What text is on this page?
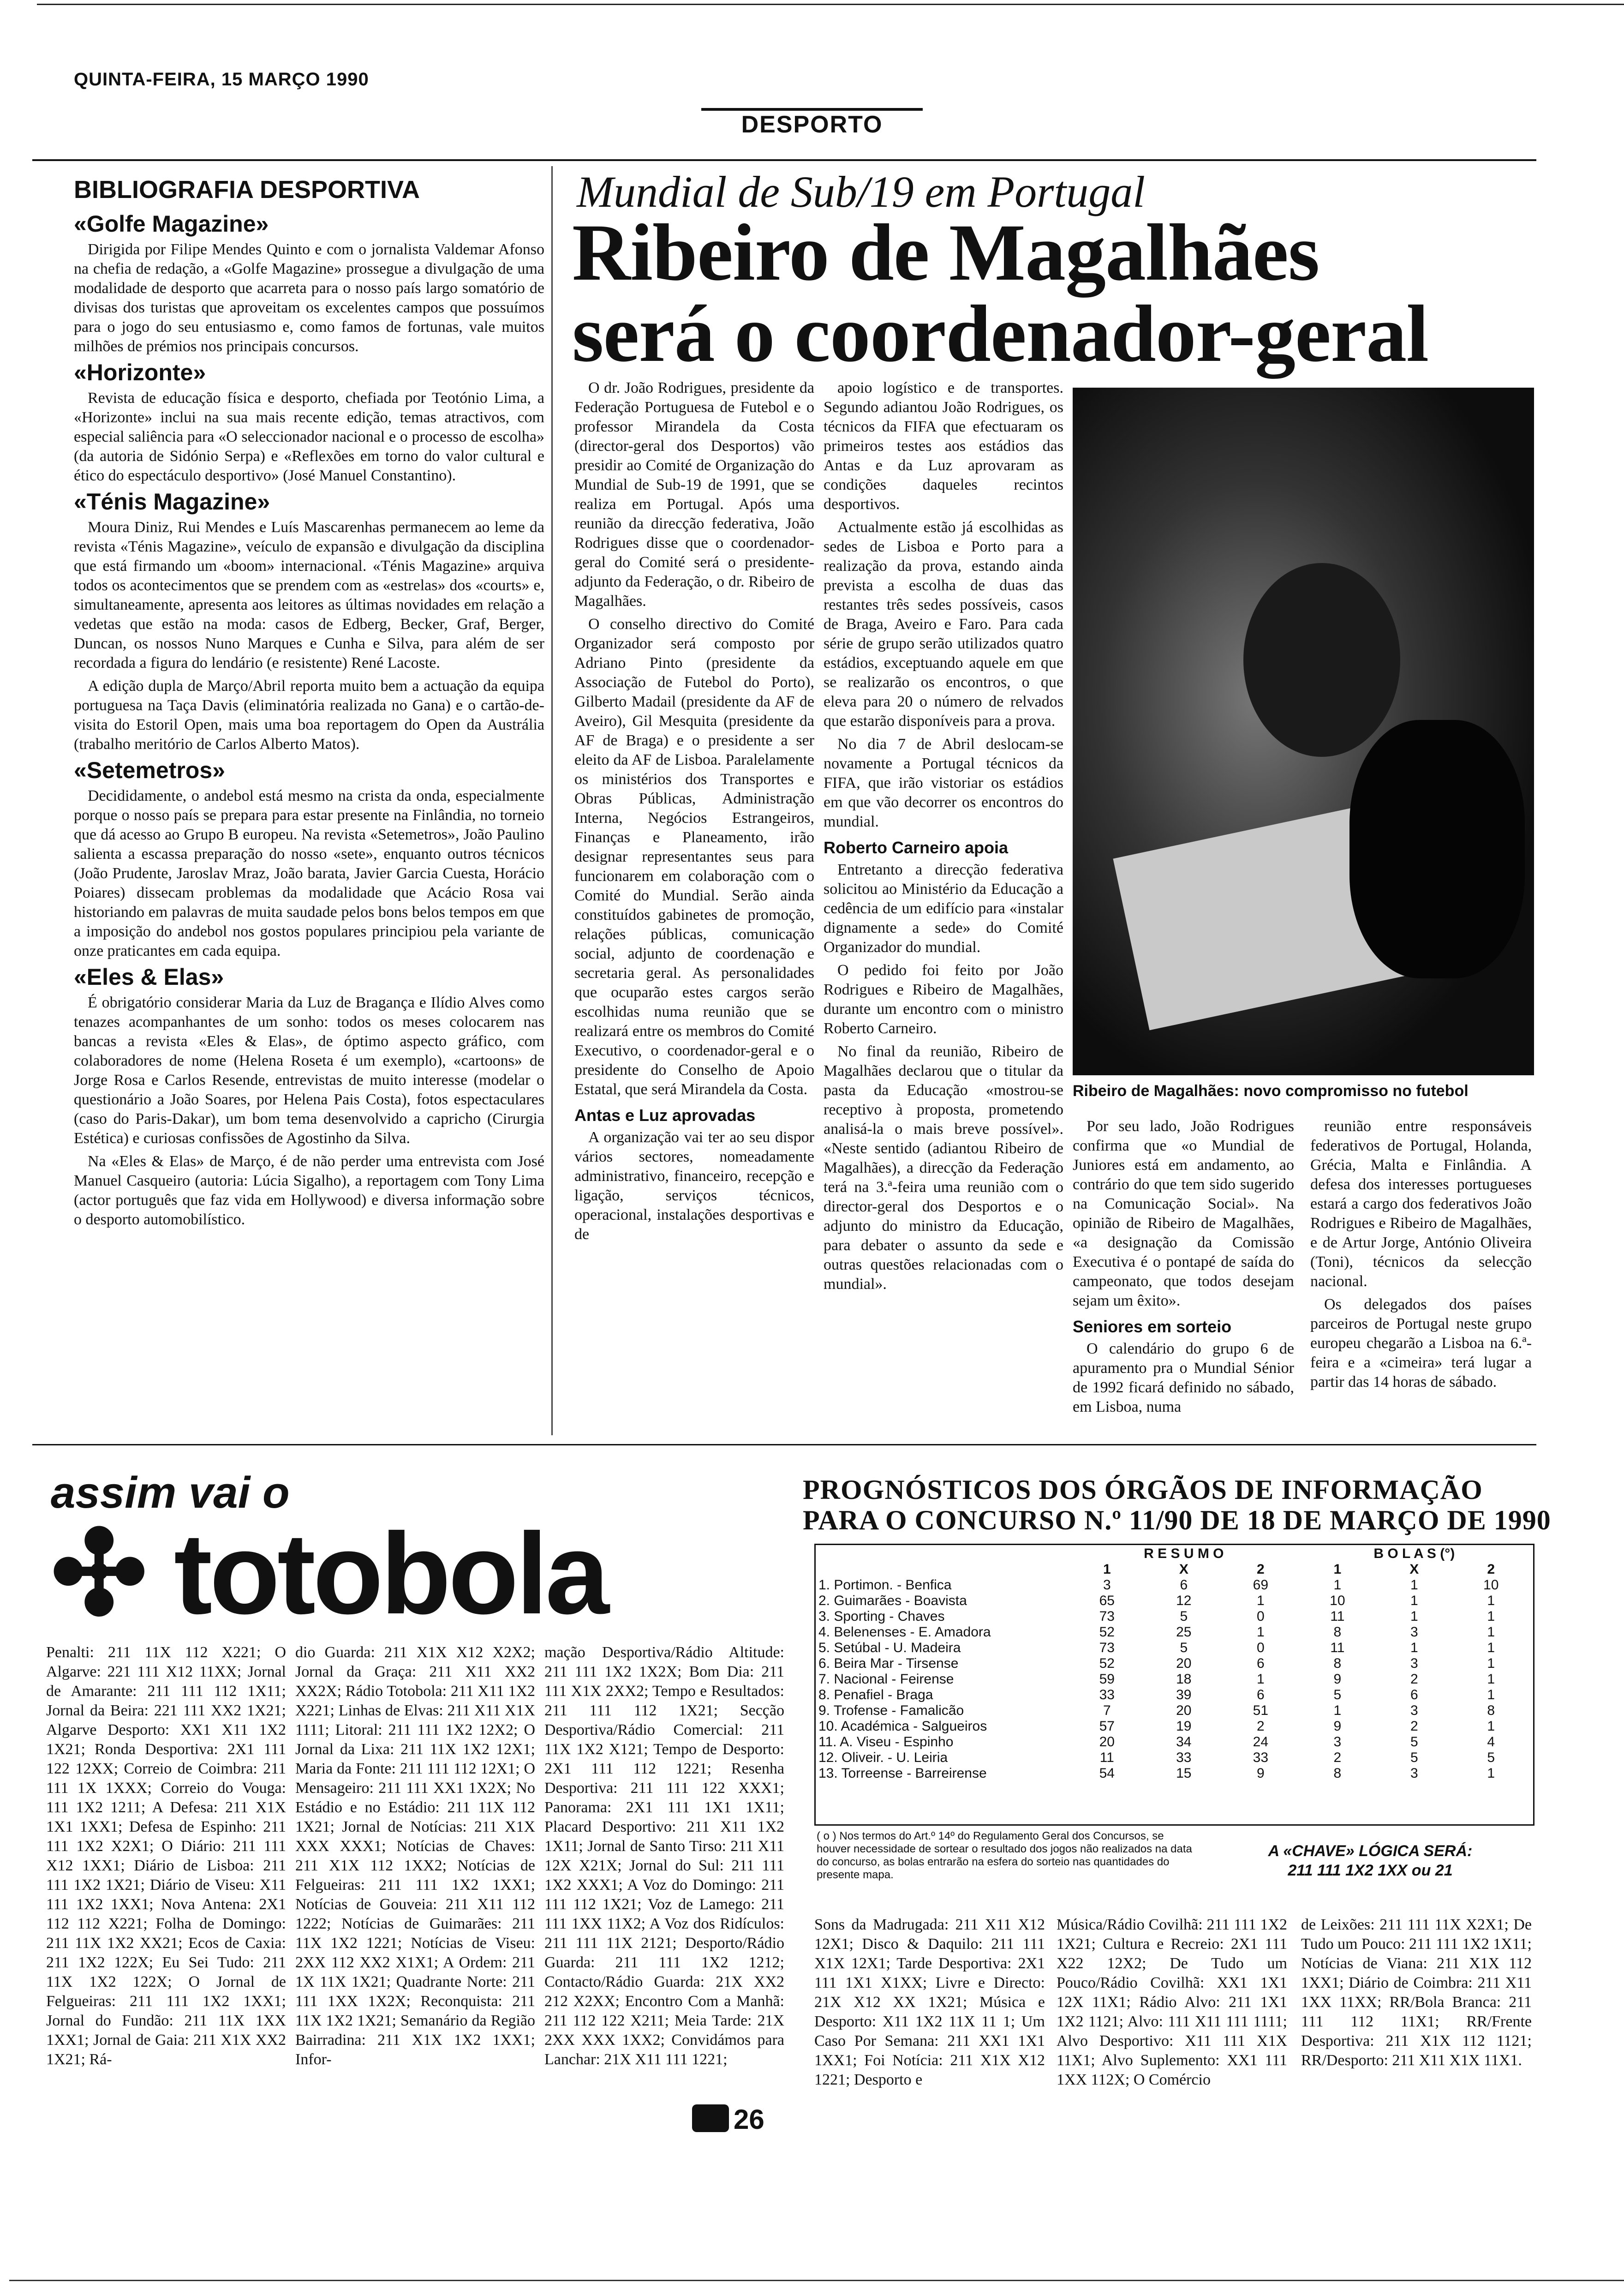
QUINTA-FEIRA, 15 MARÇO 1990
DESPORTO
BIBLIOGRAFIA DESPORTIVA
«Golfe Magazine»

Dirigida por Filipe Mendes Quinto e com o jornalista Valdemar Afonso na chefia de redação, a «Golfe Magazine» prossegue a divulgação de uma modalidade de desporto que acarreta para o nosso país largo somatório de divisas dos turistas que aproveitam os excelentes campos que possuímos para o jogo do seu entusiasmo e, como famos de fortunas, vale muitos milhões de prémios nos principais concursos.

«Horizonte»

Revista de educação física e desporto, chefiada por Teotónio Lima, a «Horizonte» inclui na sua mais recente edição, temas atractivos, com especial saliência para «O seleccionador nacional e o processo de escolha» (da autoria de Sidónio Serpa) e «Reflexões em torno do valor cultural e ético do espectáculo desportivo» (José Manuel Constantino).

«Ténis Magazine»

Moura Diniz, Rui Mendes e Luís Mascarenhas permanecem ao leme da revista «Ténis Magazine», veículo de expansão e divulgação da disciplina que está firmando um «boom» internacional. «Ténis Magazine» arquiva todos os acontecimentos que se prendem com as «estrelas» dos «courts» e, simultaneamente, apresenta aos leitores as últimas novidades em relação a vedetas que estão na moda: casos de Edberg, Becker, Graf, Berger, Duncan, os nossos Nuno Marques e Cunha e Silva, para além de ser recordada a figura do lendário (e resistente) René Lacoste.

A edição dupla de Março/Abril reporta muito bem a actuação da equipa portuguesa na Taça Davis (eliminatória realizada no Gana) e o cartão-de-visita do Estoril Open, mais uma boa reportagem do Open da Austrália (trabalho meritório de Carlos Alberto Matos).

«Setemetros»

Decididamente, o andebol está mesmo na crista da onda, especialmente porque o nosso país se prepara para estar presente na Finlândia, no torneio que dá acesso ao Grupo B europeu. Na revista «Setemetros», João Paulino salienta a escassa preparação do nosso «sete», enquanto outros técnicos (João Prudente, Jaroslav Mraz, João barata, Javier Garcia Cuesta, Horácio Poiares) dissecam problemas da modalidade que Acácio Rosa vai historiando em palavras de muita saudade pelos bons belos tempos em que a imposição do andebol nos gostos populares principiou pela variante de onze praticantes em cada equipa.

«Eles & Elas»

É obrigatório considerar Maria da Luz de Bragança e Ilídio Alves como tenazes acompanhantes de um sonho: todos os meses colocarem nas bancas a revista «Eles & Elas», de óptimo aspecto gráfico, com colaboradores de nome (Helena Roseta é um exemplo), «cartoons» de Jorge Rosa e Carlos Resende, entrevistas de muito interesse (modelar o questionário a João Soares, por Helena Pais Costa), fotos espectaculares (caso do Paris-Dakar), um bom tema desenvolvido a capricho (Cirurgia Estética) e curiosas confissões de Agostinho da Silva.

Na «Eles & Elas» de Março, é de não perder uma entrevista com José Manuel Casqueiro (autoria: Lúcia Sigalho), a reportagem com Tony Lima (actor português que faz vida em Hollywood) e diversa informação sobre o desporto automobilístico.

Mundial de Sub/19 em Portugal
Ribeiro de Magalhães
será o coordenador-geral

O dr. João Rodrigues, presidente da Federação Portuguesa de Futebol e o professor Mirandela da Costa (director-geral dos Desportos) vão presidir ao Comité de Organização do Mundial de Sub-19 de 1991, que se realiza em Portugal. Após uma reunião da direcção federativa, João Rodrigues disse que o coordenador-geral do Comité será o presidente-adjunto da Federação, o dr. Ribeiro de Magalhães.

O conselho directivo do Comité Organizador será composto por Adriano Pinto (presidente da Associação de Futebol do Porto), Gilberto Madail (presidente da AF de Aveiro), Gil Mesquita (presidente da AF de Braga) e o presidente a ser eleito da AF de Lisboa. Paralelamente os ministérios dos Transportes e Obras Públicas, Administração Interna, Negócios Estrangeiros, Finanças e Planeamento, irão designar representantes seus para funcionarem em colaboração com o Comité do Mundial. Serão ainda constituídos gabinetes de promoção, relações públicas, comunicação social, adjunto de coordenação e secretaria geral. As personalidades que ocuparão estes cargos serão escolhidas numa reunião que se realizará entre os membros do Comité Executivo, o coordenador-geral e o presidente do Conselho de Apoio Estatal, que será Mirandela da Costa.

Antas e Luz aprovadas

A organização vai ter ao seu dispor vários sectores, nomeadamente administrativo, financeiro, recepção e ligação, serviços técnicos, operacional, instalações desportivas e de

apoio logístico e de transportes. Segundo adiantou João Rodrigues, os técnicos da FIFA que efectuaram os primeiros testes aos estádios das Antas e da Luz aprovaram as condições daqueles recintos desportivos.

Actualmente estão já escolhidas as sedes de Lisboa e Porto para a realização da prova, estando ainda prevista a escolha de duas das restantes três sedes possíveis, casos de Braga, Aveiro e Faro. Para cada série de grupo serão utilizados quatro estádios, exceptuando aquele em que se realizarão os encontros, o que eleva para 20 o número de relvados que estarão disponíveis para a prova.

No dia 7 de Abril deslocam-se novamente a Portugal técnicos da FIFA, que irão vistoriar os estádios em que vão decorrer os encontros do mundial.

Roberto Carneiro apoia

Entretanto a direcção federativa solicitou ao Ministério da Educação a cedência de um edifício para «instalar dignamente a sede» do Comité Organizador do mundial.

O pedido foi feito por João Rodrigues e Ribeiro de Magalhães, durante um encontro com o ministro Roberto Carneiro.

No final da reunião, Ribeiro de Magalhães declarou que o titular da pasta da Educação «mostrou-se receptivo à proposta, prometendo analisá-la o mais breve possível». «Neste sentido (adiantou Ribeiro de Magalhães), a direcção da Federação terá na 3.ª-feira uma reunião com o director-geral dos Desportos e o adjunto do ministro da Educação, para debater o assunto da sede e outras questões relacionadas com o mundial».

Ribeiro de Magalhães: novo compromisso no futebol

Por seu lado, João Rodrigues confirma que «o Mundial de Juniores está em andamento, ao contrário do que tem sido sugerido na Comunicação Social». Na opinião de Ribeiro de Magalhães, «a designação da Comissão Executiva é o pontapé de saída do campeonato, que todos desejam sejam um êxito».

Seniores em sorteio

O calendário do grupo 6 de apuramento pra o Mundial Sénior de 1992 ficará definido no sábado, em Lisboa, numa

reunião entre responsáveis federativos de Portugal, Holanda, Grécia, Malta e Finlândia. A defesa dos interesses portugueses estará a cargo dos federativos João Rodrigues e Ribeiro de Magalhães, e de Artur Jorge, António Oliveira (Toni), técnicos da selecção nacional.

Os delegados dos países parceiros de Portugal neste grupo europeu chegarão a Lisboa na 6.ª-feira e a «cimeira» terá lugar a partir das 14 horas de sábado.

assim vai o
✣ totobola
Penalti: 211 11X 112 X221; O Algarve: 221 111 X12 11XX; Jornal de Amarante: 211 111 112 1X11; Jornal da Beira: 221 111 XX2 1X21; Algarve Desporto: XX1 X11 1X2 1X21; Ronda Desportiva: 2X1 111 122 12XX; Correio de Coimbra: 211 111 1X 1XXX; Correio do Vouga: 111 1X2 1211; A Defesa: 211 X1X 1X1 1XX1; Defesa de Espinho: 211 111 1X2 X2X1; O Diário: 211 111 X12 1XX1; Diário de Lisboa: 211 111 1X2 1X21; Diário de Viseu: X11 111 1X2 1XX1; Nova Antena: 2X1 112 112 X221; Folha de Domingo: 211 11X 1X2 XX21; Ecos de Caxia: 211 1X2 122X; Eu Sei Tudo: 211 11X 1X2 122X; O Jornal de Felgueiras: 211 111 1X2 1XX1; Jornal do Fundão: 211 11X 1XX 1XX1; Jornal de Gaia: 211 X1X XX2 1X21; Rá-
dio Guarda: 211 X1X X12 X2X2; Jornal da Graça: 211 X11 XX2 XX2X; Rádio Totobola: 211 X11 1X2 X221; Linhas de Elvas: 211 X11 X1X 1111; Litoral: 211 111 1X2 12X2; O Jornal da Lixa: 211 11X 1X2 12X1; Maria da Fonte: 211 111 112 12X1; O Mensageiro: 211 111 XX1 1X2X; No Estádio e no Estádio: 211 11X 112 1X21; Jornal de Notícias: 211 X1X XXX XXX1; Notícias de Chaves: 211 X1X 112 1XX2; Notícias de Felgueiras: 211 111 1X2 1XX1; Notícias de Gouveia: 211 X11 112 1222; Notícias de Guimarães: 211 11X 1X2 1221; Notícias de Viseu: 2XX 112 XX2 X1X1; A Ordem: 211 1X 11X 1X21; Quadrante Norte: 211 111 1XX 1X2X; Reconquista: 211 11X 1X2 1X21; Semanário da Região Bairradina: 211 X1X 1X2 1XX1; Infor-
mação Desportiva/Rádio Altitude: 211 111 1X2 1X2X; Bom Dia: 211 111 X1X 2XX2; Tempo e Resultados: 211 111 112 1X21; Secção Desportiva/Rádio Comercial: 211 11X 1X2 X121; Tempo de Desporto: 2X1 111 112 1221; Resenha Desportiva: 211 111 122 XXX1; Panorama: 2X1 111 1X1 1X11; Placard Desportivo: 211 X11 1X2 1X11; Jornal de Santo Tirso: 211 X11 12X X21X; Jornal do Sul: 211 111 1X2 XXX1; A Voz do Domingo: 211 111 112 1X21; Voz de Lamego: 211 111 1XX 11X2; A Voz dos Ridículos: 211 111 11X 2121; Desporto/Rádio Guarda: 211 111 1X2 1212; Contacto/Rádio Guarda: 21X XX2 212 X2XX; Encontro Com a Manhã: 211 112 122 X211; Meia Tarde: 21X 2XX XXX 1XX2; Convidámos para Lanchar: 21X X11 111 1221;
Sons da Madrugada: 211 X11 X12 12X1; Disco & Daquilo: 211 111 X1X 12X1; Tarde Desportiva: 2X1 111 1X1 X1XX; Livre e Directo: 21X X12 XX 1X21; Música e Desporto: X11 1X2 11X 11 1; Um Caso Por Semana: 211 XX1 1X1 1XX1; Foi Notícia: 211 X1X X12 1221; Desporto e
Música/Rádio Covilhã: 211 111 1X2 1X21; Cultura e Recreio: 2X1 111 X22 12X2; De Tudo um Pouco/Rádio Covilhã: XX1 1X1 12X 11X1; Rádio Alvo: 211 1X1 1X2 1121; Alvo: 111 X11 111 1111; Alvo Desportivo: X11 111 X1X 11X1; Alvo Suplemento: XX1 111 1XX 112X; O Comércio
de Leixões: 211 111 11X X2X1; De Tudo um Pouco: 211 111 1X2 1X11; Notícias de Viana: 211 X1X 112 1XX1; Diário de Coimbra: 211 X11 1XX 11XX; RR/Bola Branca: 211 111 112 11X1; RR/Frente Desportiva: 211 X1X 112 1121; RR/Desporto: 211 X11 X1X 11X1.
PROGNÓSTICOS DOS ÓRGÃOS DE INFORMAÇÃO
PARA O CONCURSO N.º 11/90 DE 18 DE MARÇO DE 1990
	R E S U M O			B O L A S (°)		
	1	X	2	1	X	2
1. Portimon. - Benfica	3	6	69	1	1	10
2. Guimarães - Boavista	65	12	1	10	1	1
3. Sporting - Chaves	73	5	0	11	1	1
4. Belenenses - E. Amadora	52	25	1	8	3	1
5. Setúbal - U. Madeira	73	5	0	11	1	1
6. Beira Mar - Tirsense	52	20	6	8	3	1
7. Nacional - Feirense	59	18	1	9	2	1
8. Penafiel - Braga	33	39	6	5	6	1
9. Trofense - Famalicão	7	20	51	1	3	8
10. Académica - Salgueiros	57	19	2	9	2	1
11. A. Viseu - Espinho	20	34	24	3	5	4
12. Oliveir. - U. Leiria	11	33	33	2	5	5
13. Torreense - Barreirense	54	15	9	8	3	1
( o ) Nos termos do Art.º 14º do Regulamento Geral dos Concursos, se houver necessidade de sortear o resultado dos jogos não realizados na data do concurso, as bolas entrarão na esfera do sorteio nas quantidades do presente mapa.
A «CHAVE» LÓGICA SERÁ:
211 111 1X2 1XX ou 21
26
